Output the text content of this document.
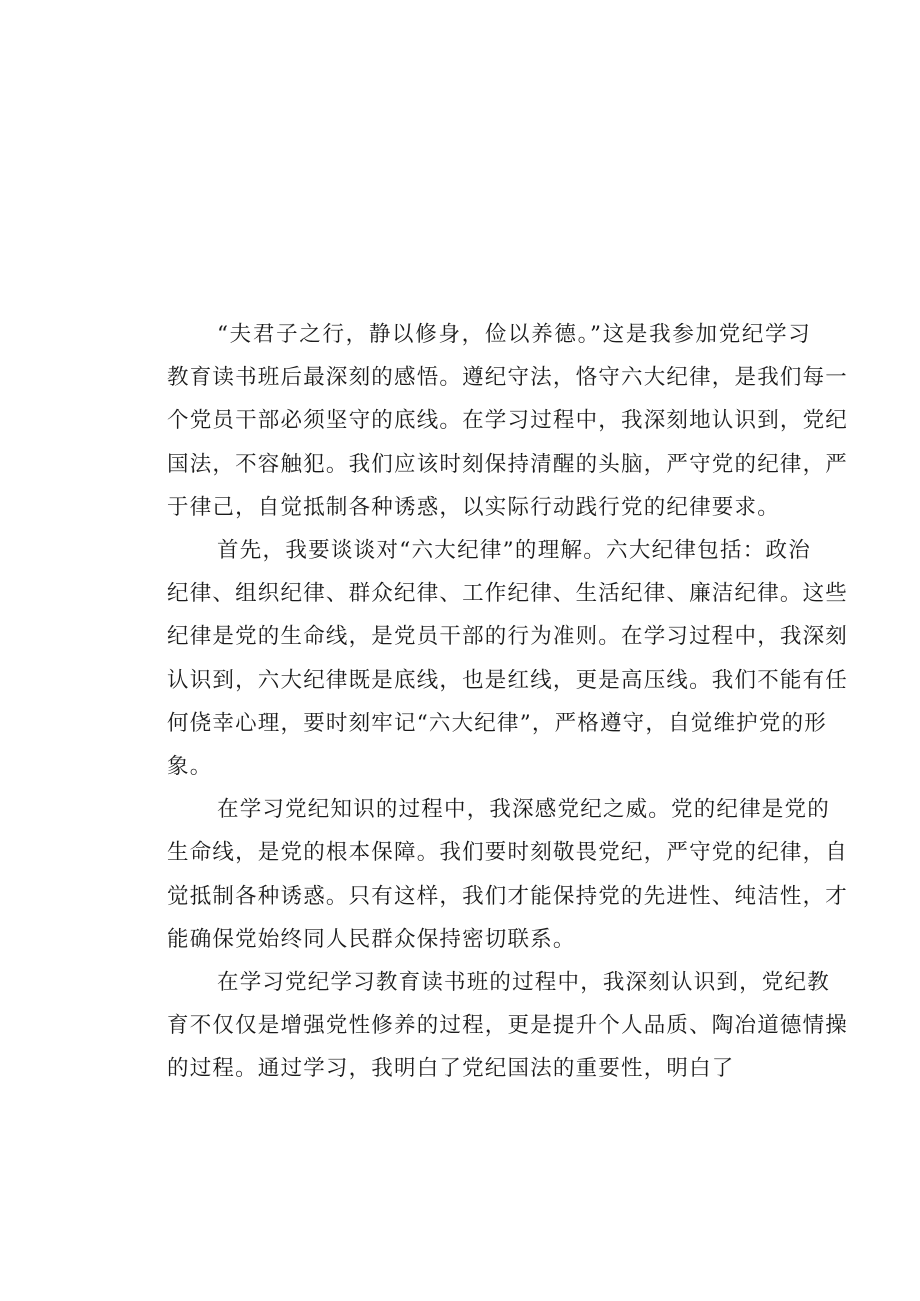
“夫君子之行，静以修身，俭以养德。”这是我参加党纪学习
教育读书班后最深刻的感悟。遵纪守法，恪守六大纪律，是我们每一
个党员干部必须坚守的底线。在学习过程中，我深刻地认识到，党纪
国法，不容触犯。我们应该时刻保持清醒的头脑，严守党的纪律，严
于律己，自觉抵制各种诱惑，以实际行动践行党的纪律要求。
首先，我要谈谈对“六大纪律”的理解。六大纪律包括：政治
纪律、组织纪律、群众纪律、工作纪律、生活纪律、廉洁纪律。这些
纪律是党的生命线，是党员干部的行为准则。在学习过程中，我深刻
认识到，六大纪律既是底线，也是红线，更是高压线。我们不能有任
何侥幸心理，要时刻牢记“六大纪律”，严格遵守，自觉维护党的形
象。
在学习党纪知识的过程中，我深感党纪之威。党的纪律是党的
生命线，是党的根本保障。我们要时刻敬畏党纪，严守党的纪律，自
觉抵制各种诱惑。只有这样，我们才能保持党的先进性、纯洁性，才
能确保党始终同人民群众保持密切联系。
在学习党纪学习教育读书班的过程中，我深刻认识到，党纪教
育不仅仅是增强党性修养的过程，更是提升个人品质、陶冶道德情操
的过程。通过学习，我明白了党纪国法的重要性，明白了
